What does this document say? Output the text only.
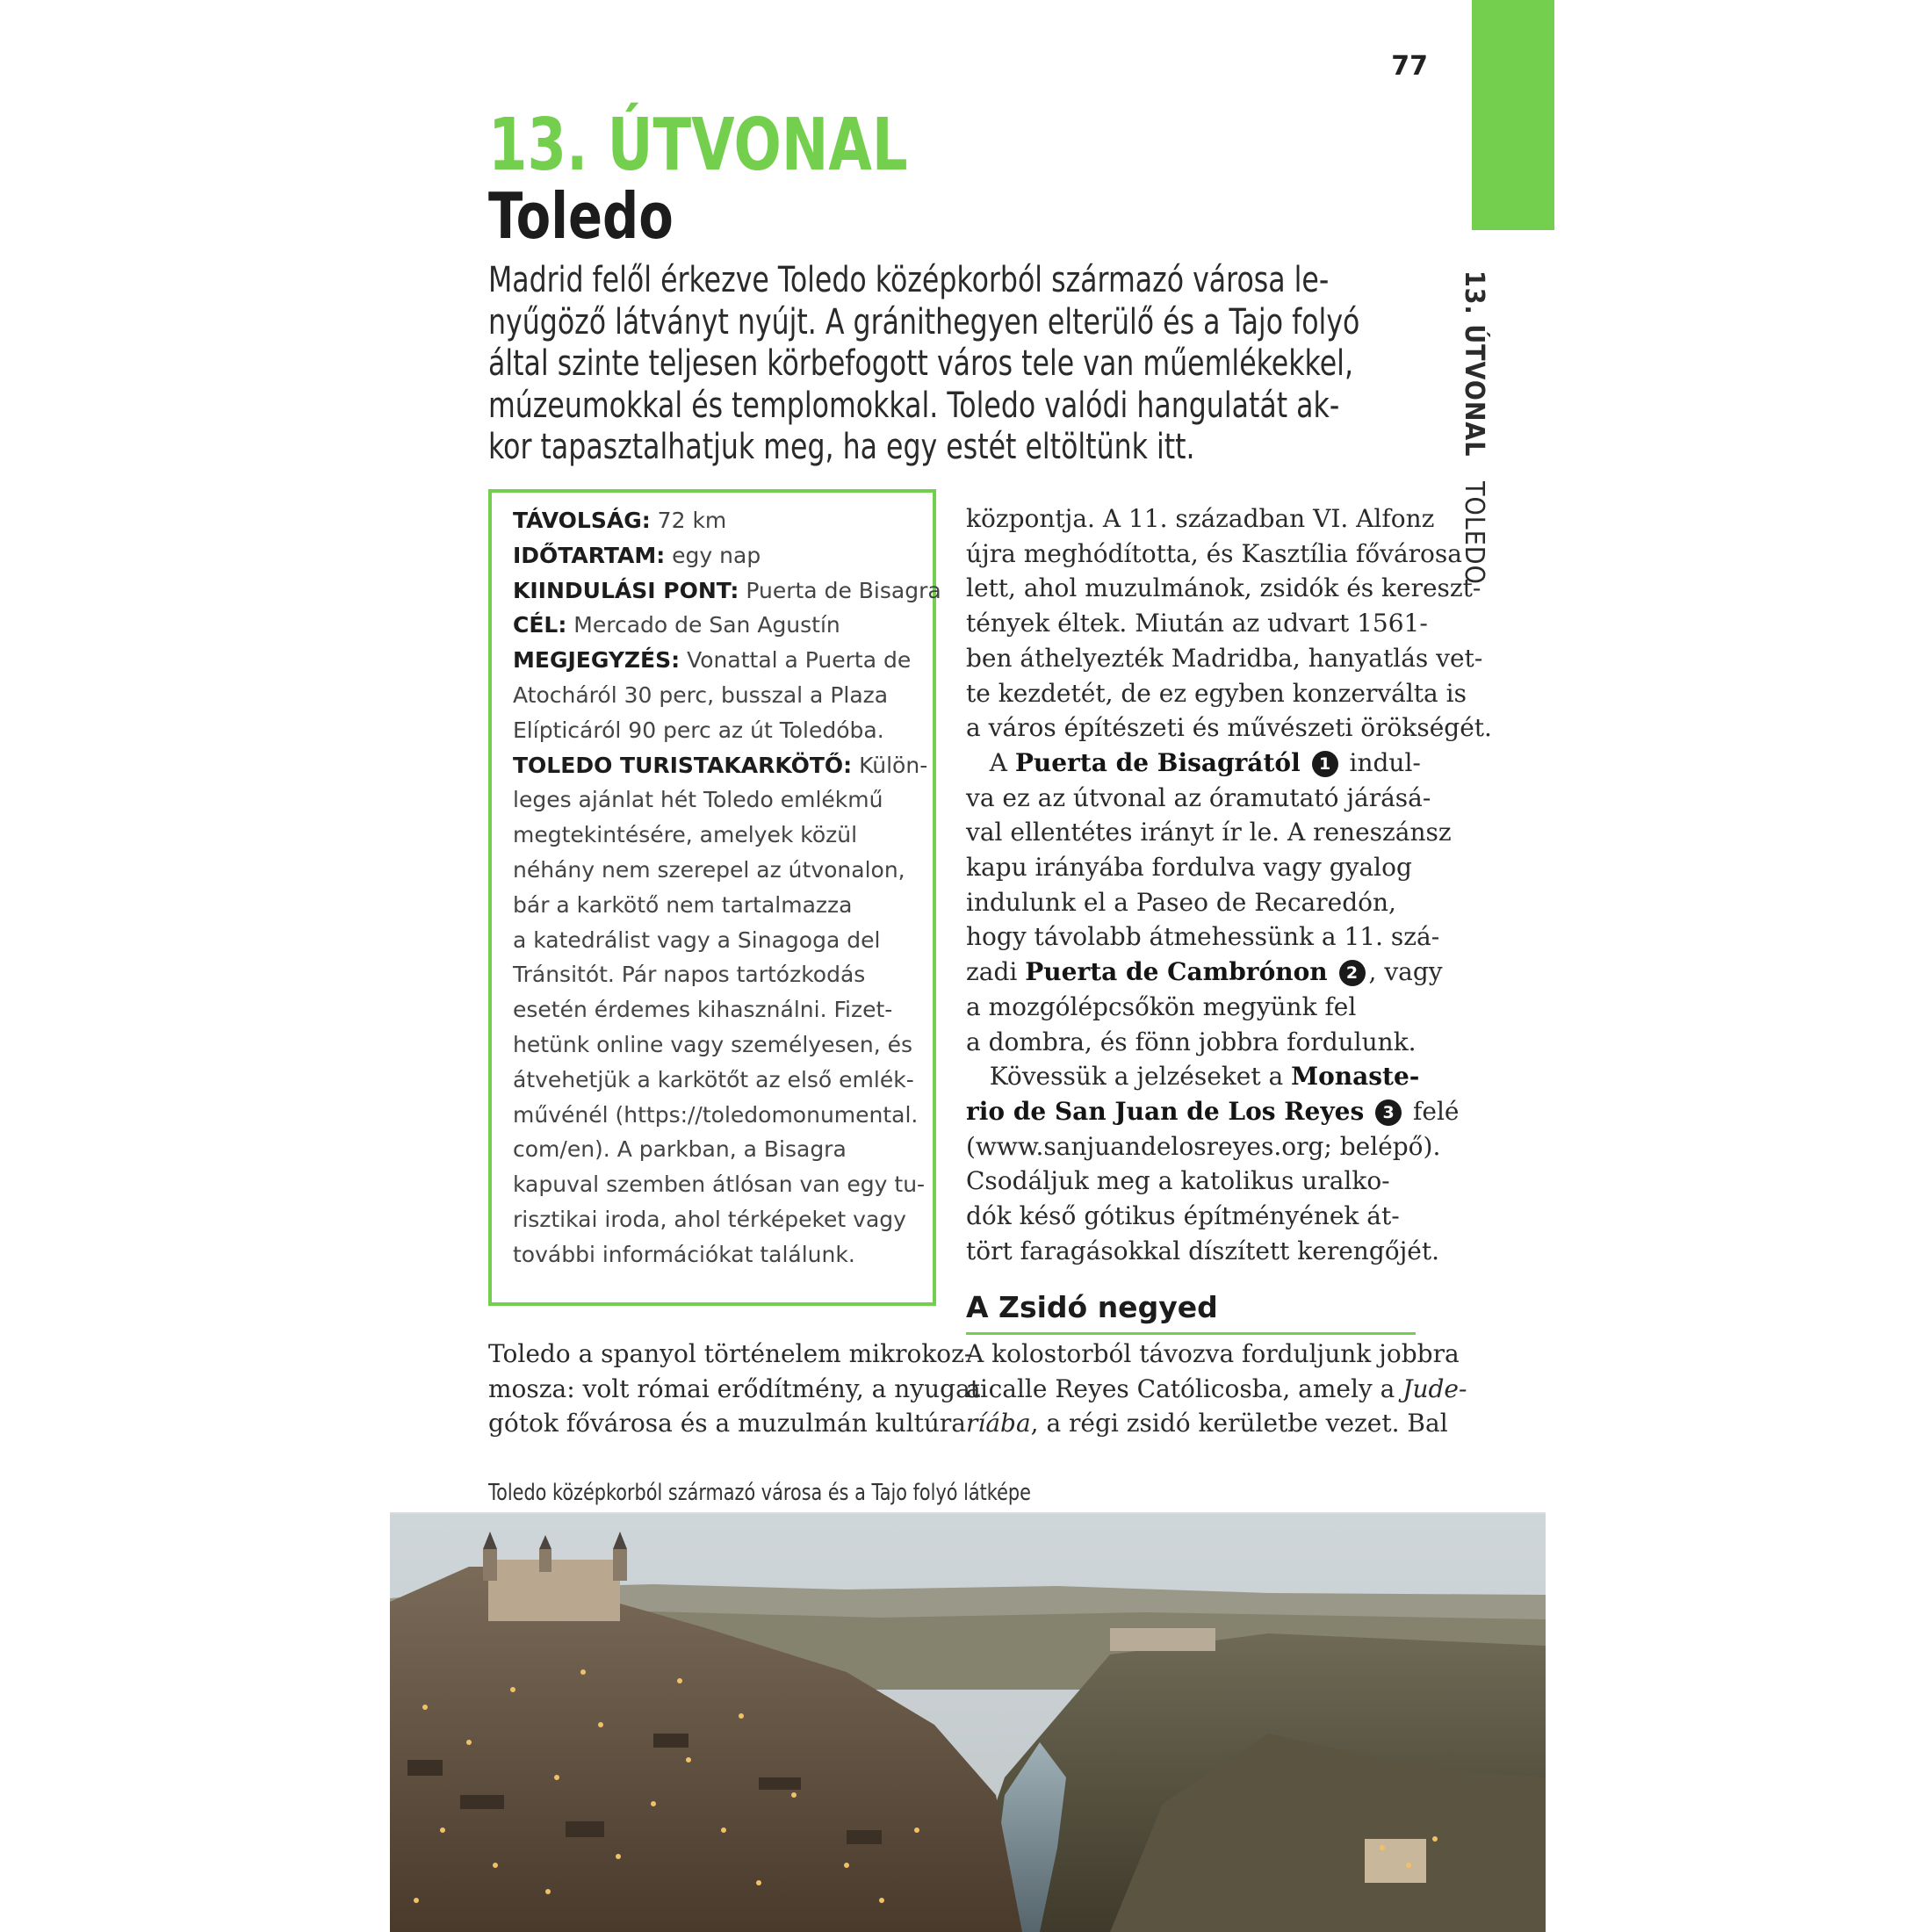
77
13. ÚTVONAL
TOLEDO
13. ÚTVONAL
Toledo
Madrid felől érkezve Toledo középkorból származó városa le-
nyűgöző látványt nyújt. A gránithegyen elterülő és a Tajo folyó
által szinte teljesen körbefogott város tele van műemlékekkel,
múzeumokkal és templomokkal. Toledo valódi hangulatát ak-
kor tapasztalhatjuk meg, ha egy estét eltöltünk itt.
TÁVOLSÁG: 72 km
IDŐTARTAM: egy nap
KIINDULÁSI PONT: Puerta de Bisagra
CÉL: Mercado de San Agustín
MEGJEGYZÉS: Vonattal a Puerta de
Atocháról 30 perc, busszal a Plaza
Elípticáról 90 perc az út Toledóba.
TOLEDO TURISTAKARKÖTŐ: Külön-
leges ajánlat hét Toledo emlékmű
megtekintésére, amelyek közül
néhány nem szerepel az útvonalon,
bár a karkötő nem tartalmazza
a katedrálist vagy a Sinagoga del
Tránsitót. Pár napos tartózkodás
esetén érdemes kihasználni. Fizet-
hetünk online vagy személyesen, és
átvehetjük a karkötőt az első emlék-
művénél (https://toledomonumental.
com/en). A parkban, a Bisagra
kapuval szemben átlósan van egy tu-
risztikai iroda, ahol térképeket vagy
további információkat találunk.
Toledo a spanyol történelem mikrokoz-
mosza: volt római erődítmény, a nyugati
gótok fővárosa és a muzulmán kultúra
központja. A 11. században VI. Alfonz
újra meghódította, és Kasztília fővárosa
lett, ahol muzulmánok, zsidók és kereszt-
tények éltek. Miután az udvart 1561-
ben áthelyezték Madridba, hanyatlás vet-
te kezdetét, de ez egyben konzerválta is
a város építészeti és művészeti örökségét.
A Puerta de Bisagrától 1 indul-
va ez az útvonal az óramutató járásá-
val ellentétes irányt ír le. A reneszánsz
kapu irányába fordulva vagy gyalog
indulunk el a Paseo de Recaredón,
hogy távolabb átmehessünk a 11. szá-
zadi Puerta de Cambrónon 2 , vagy
a mozgólépcsőkön megyünk fel
a dombra, és fönn jobbra fordulunk.
Kövessük a jelzéseket a Monaste-
rio de San Juan de Los Reyes 3 felé
(www.sanjuandelosreyes.org; belépő).
Csodáljuk meg a katolikus uralko-
dók késő gótikus építményének át-
tört faragásokkal díszített kerengőjét.
A Zsidó negyed
A kolostorból távozva forduljunk jobbra
a calle Reyes Católicosba, amely a Jude-
ríába, a régi zsidó kerületbe vezet. Bal
Toledo középkorból származó városa és a Tajo folyó látképe
